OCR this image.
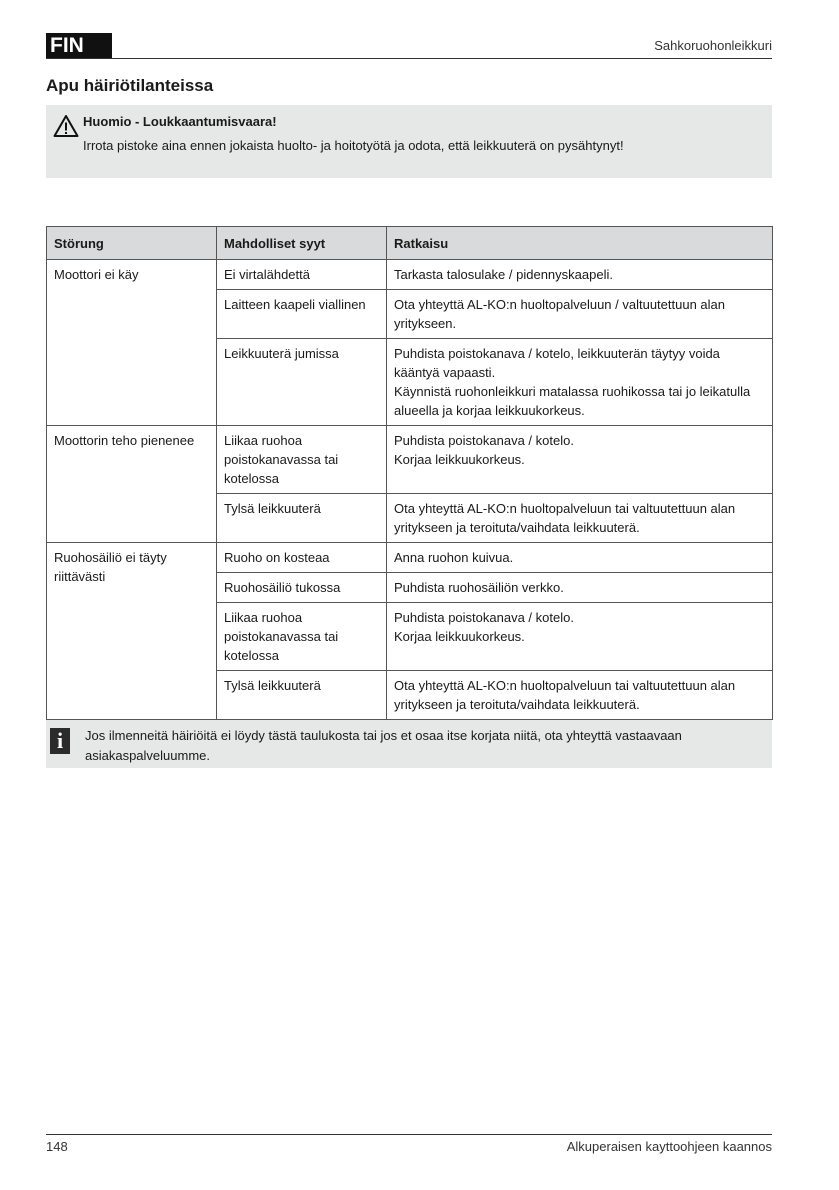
FIN	Sahkoruohonleikkuri
Apu häiriötilanteissa
Huomio - Loukkaantumisvaara!
Irrota pistoke aina ennen jokaista huolto- ja hoitotyötä ja odota, että leikkuuterä on pysähtynyt!
Störung	Mahdolliset syyt	Ratkaisu
Moottori ei käy	Ei virtalähdettä	Tarkasta talosulake / pidennyskaapeli.

	Laitteen kaapeli viallinen	Ota yhteyttä AL-KO:n huoltopalveluun / valtuutettuun alan yritykseen.

	Leikkuuterä jumissa	Puhdista poistokanava / kotelo, leikkuuterän täytyy voida kääntyä vapaasti.
Käynnistä ruohonleikkuri matalassa ruohikossa tai jo leikatulla alueella ja korjaa leikkuukorkeus.

Moottorin teho pienenee	Liikaa ruohoa poistokanavassa tai kotelossa	Puhdista poistokanava / kotelo.
Korjaa leikkuukorkeus.

	Tylsä leikkuuterä	Ota yhteyttä AL-KO:n huoltopalveluun tai valtuutettuun alan yritykseen ja teroituta/vaihdata leikkuuterä.

Ruohosäiliö ei täyty riittävästi	Ruoho on kosteaa	Anna ruohon kuivua.

	Ruohosäiliö tukossa	Puhdista ruohosäiliön verkko.

	Liikaa ruohoa poistokanavassa tai kotelossa	Puhdista poistokanava / kotelo.
Korjaa leikkuukorkeus.

	Tylsä leikkuuterä	Ota yhteyttä AL-KO:n huoltopalveluun tai valtuutettuun alan yritykseen ja teroituta/vaihdata leikkuuterä.
i	Jos ilmenneitä häiriöitä ei löydy tästä taulukosta tai jos et osaa itse korjata niitä, ota yhteyttä vastaavaan asiakaspalveluumme.
148	Alkuperaisen kayttoohjeen kaannos
